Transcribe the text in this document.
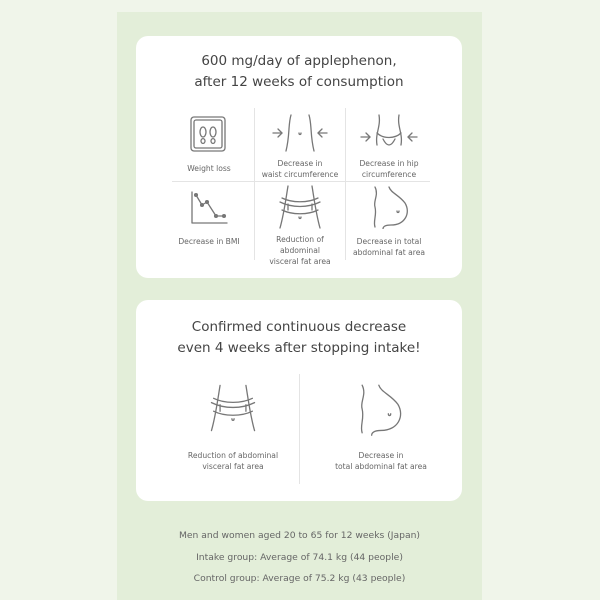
600 mg/day of applephenon,
after 12 weeks of consumption
Weight loss
Decrease in
waist circumference
Decrease in hip
circumference
Decrease in BMI	Reduction of
abdominal
visceral fat area
Decrease in total
abdominal fat area
Confirmed continuous decrease
even 4 weeks after stopping intake!
Reduction of abdominal
visceral fat area
Decrease in
total abdominal fat area
Men and women aged 20 to 65 for 12 weeks (Japan)
Intake group: Average of 74.1 kg (44 people)
Control group: Average of 75.2 kg (43 people)
